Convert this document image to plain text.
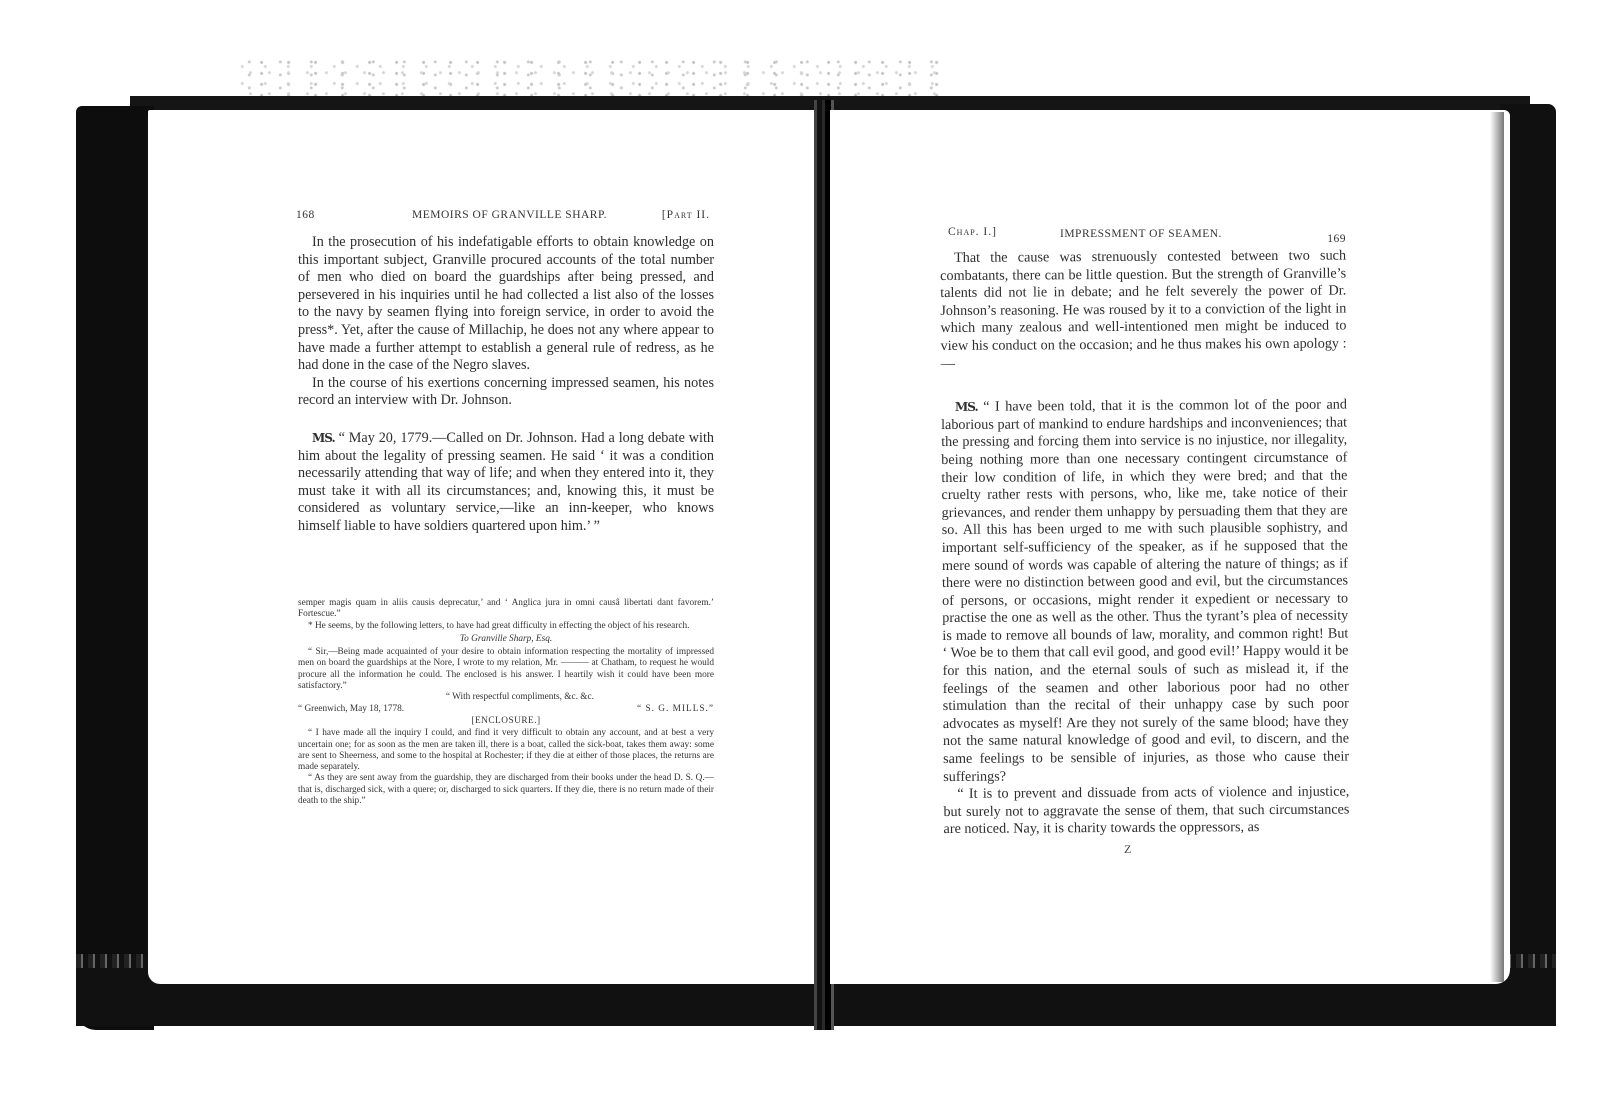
168	MEMOIRS OF GRANVILLE SHARP.	[Part II.

In the prosecution of his indefatigable efforts to obtain knowledge on this important subject, Granville procured accounts of the total number of men who died on board the guardships after being pressed, and persevered in his inquiries until he had collected a list also of the losses to the navy by seamen flying into foreign service, in order to avoid the press*. Yet, after the cause of Millachip, he does not any where appear to have made a further attempt to establish a general rule of redress, as he had done in the case of the Negro slaves.

In the course of his exertions concerning impressed seamen, his notes record an interview with Dr. Johnson.

MS. “ May 20, 1779.—Called on Dr. Johnson. Had a long debate with him about the legality of pressing seamen. He said ‘ it was a condition necessarily attending that way of life; and when they entered into it, they must take it with all its circumstances; and, knowing this, it must be considered as voluntary service,—like an inn-keeper, who knows himself liable to have soldiers quartered upon him.’ ”

semper magis quam in aliis causis deprecatur,’ and ‘ Anglica jura in omni causâ libertati dant favorem.’ Fortescue.”

* He seems, by the following letters, to have had great difficulty in effecting the object of his research.

To Granville Sharp, Esq.

“ Sir,—Being made acquainted of your desire to obtain information respecting the mortality of impressed men on board the guardships at the Nore, I wrote to my relation, Mr. ——— at Chatham, to request he would procure all the information he could. The enclosed is his answer. I heartily wish it could have been more satisfactory.”

“ With respectful compliments, &c. &c.

“ Greenwich, May 18, 1778.	“ S. G. MILLS.”

[ENCLOSURE.]

“ I have made all the inquiry I could, and find it very difficult to obtain any account, and at best a very uncertain one; for as soon as the men are taken ill, there is a boat, called the sick-boat, takes them away: some are sent to Sheerness, and some to the hospital at Rochester; if they die at either of those places, the returns are made separately.

“ As they are sent away from the guardship, they are discharged from their books under the head D. S. Q.—that is, discharged sick, with a quere; or, discharged to sick quarters. If they die, there is no return made of their death to the ship.”

Chap. I.]	IMPRESSMENT OF SEAMEN.	169

That the cause was strenuously contested between two such combatants, there can be little question. But the strength of Granville’s talents did not lie in debate; and he felt severely the power of Dr. Johnson’s reasoning. He was roused by it to a conviction of the light in which many zealous and well-intentioned men might be induced to view his conduct on the occasion; and he thus makes his own apology :—

MS. “ I have been told, that it is the common lot of the poor and laborious part of mankind to endure hardships and inconveniences; that the pressing and forcing them into service is no injustice, nor illegality, being nothing more than one necessary contingent circumstance of their low condition of life, in which they were bred; and that the cruelty rather rests with persons, who, like me, take notice of their grievances, and render them unhappy by persuading them that they are so. All this has been urged to me with such plausible sophistry, and important self-sufficiency of the speaker, as if he supposed that the mere sound of words was capable of altering the nature of things; as if there were no distinction between good and evil, but the circumstances of persons, or occasions, might render it expedient or necessary to practise the one as well as the other. Thus the tyrant’s plea of necessity is made to remove all bounds of law, morality, and common right! But ‘ Woe be to them that call evil good, and good evil!’ Happy would it be for this nation, and the eternal souls of such as mislead it, if the feelings of the seamen and other laborious poor had no other stimulation than the recital of their unhappy case by such poor advocates as myself! Are they not surely of the same blood; have they not the same natural knowledge of good and evil, to discern, and the same feelings to be sensible of injuries, as those who cause their sufferings?

“ It is to prevent and dissuade from acts of violence and injustice, but surely not to aggravate the sense of them, that such circumstances are noticed. Nay, it is charity towards the oppressors, as

Z
